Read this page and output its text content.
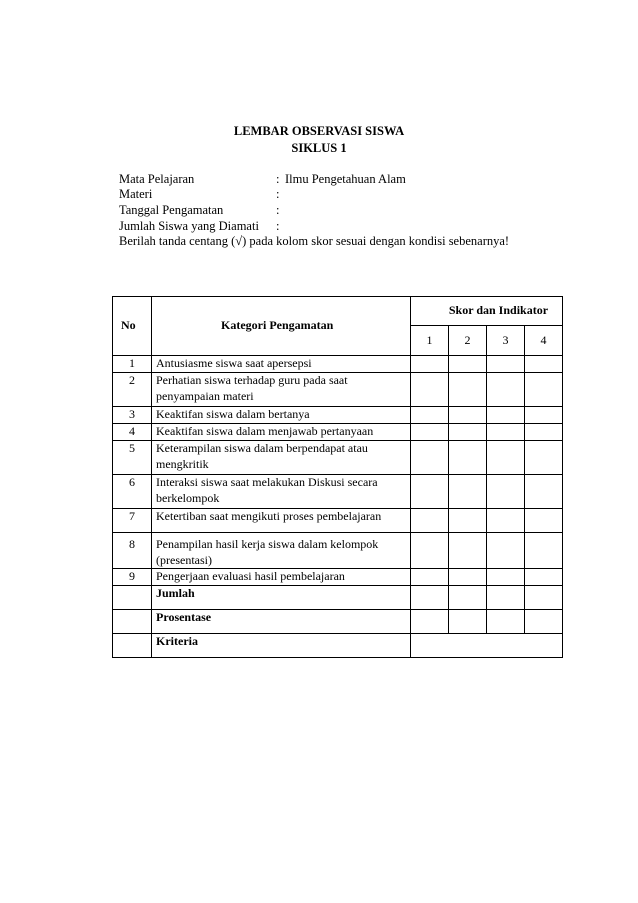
LEMBAR OBSERVASI SISWA
SIKLUS 1
Mata Pelajaran	: Ilmu Pengetahuan Alam
Materi	:
Tanggal Pengamatan	:
Jumlah Siswa yang Diamati :
Berilah tanda centang (√) pada kolom skor sesuai dengan kondisi sebenarnya!
No	Kategori Pengamatan	Skor dan Indikator			
		1	2	3	4
1	Antusiasme siswa saat apersepsi				
2	Perhatian siswa terhadap guru pada saat penyampaian materi				
3	Keaktifan siswa dalam bertanya				
4	Keaktifan siswa dalam menjawab pertanyaan				
5	Keterampilan siswa dalam berpendapat atau mengkritik				
6	Interaksi siswa saat melakukan Diskusi secara berkelompok				
7	Ketertiban saat mengikuti proses pembelajaran				
8	Penampilan hasil kerja siswa dalam kelompok (presentasi)				
9	Pengerjaan evaluasi hasil pembelajaran				
	Jumlah				
	Prosentase				
	Kriteria				
